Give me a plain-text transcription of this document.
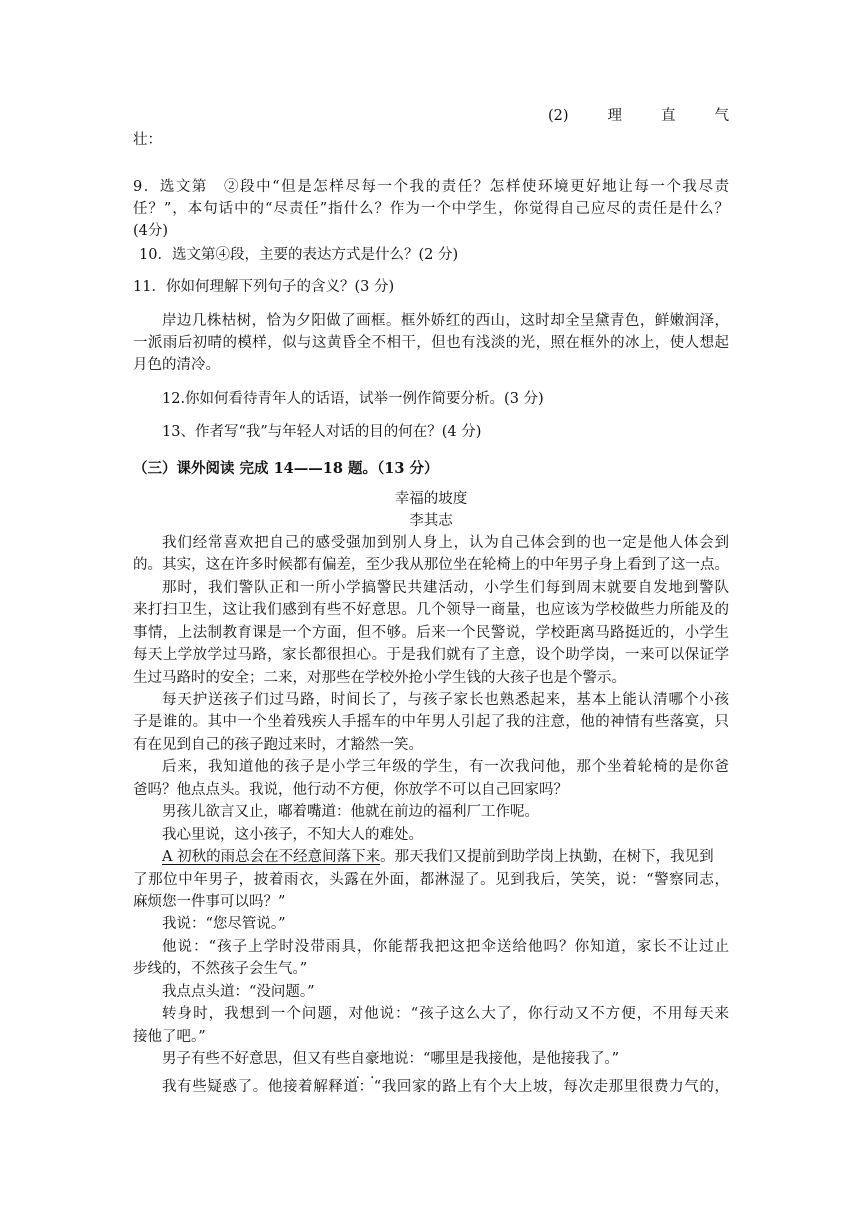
(2)	理	直	气
壮：
9．选文第　②段中“但是怎样尽每一个我的责任？怎样使环境更好地让每一个我尽责
任？”，本句话中的“尽责任”指什么？作为一个中学生，你觉得自己应尽的责任是什么？
(4分)
10．选文第④段，主要的表达方式是什么？(2 分)
11．你如何理解下列句子的含义？(3 分)
岸边几株枯树，恰为夕阳做了画框。框外娇红的西山，这时却全呈黛青色，鲜嫩润泽，
一派雨后初晴的模样，似与这黄昏全不相干，但也有浅淡的光，照在框外的冰上，使人想起
月色的清冷。
12.你如何看待青年人的话语，试举一例作简要分析。(3 分)
13、作者写“我”与年轻人对话的目的何在？(4 分)
（三）课外阅读 完成 14——18 题。（13 分）
幸福的坡度
李其志
我们经常喜欢把自己的感受强加到别人身上，认为自己体会到的也一定是他人体会到
的。其实，这在许多时候都有偏差，至少我从那位坐在轮椅上的中年男子身上看到了这一点。
那时，我们警队正和一所小学搞警民共建活动，小学生们每到周末就要自发地到警队
来打扫卫生，这让我们感到有些不好意思。几个领导一商量，也应该为学校做些力所能及的
事情，上法制教育课是一个方面，但不够。后来一个民警说，学校距离马路挺近的，小学生
每天上学放学过马路，家长都很担心。于是我们就有了主意，设个助学岗，一来可以保证学
生过马路时的安全；二来，对那些在学校外抢小学生钱的大孩子也是个警示。
每天护送孩子们过马路，时间长了，与孩子家长也熟悉起来，基本上能认清哪个小孩
子是谁的。其中一个坐着残疾人手摇车的中年男人引起了我的注意，他的神情有些落寞，只
有在见到自己的孩子跑过来时，才豁然一笑。
后来，我知道他的孩子是小学三年级的学生，有一次我问他，那个坐着轮椅的是你爸
爸吗？他点点头。我说，他行动不方便，你放学不可以自己回家吗？
男孩儿欲言又止，嘟着嘴道：他就在前边的福利厂工作呢。
我心里说，这小孩子，不知大人的难处。
A 初秋的雨总会在不经意间落下来。那天我们又提前到助学岗上执勤，在树下，我见到
了那位中年男子，披着雨衣，头露在外面，都淋湿了。见到我后，笑笑，说：“警察同志，
麻烦您一件事可以吗？”
我说：“您尽管说。”
他说：“孩子上学时没带雨具，你能帮我把这把伞送给他吗？你知道，家长不让过止
步线的，不然孩子会生气。”
我点点头道：“没问题。”
转身时，我想到一个问题，对他说：“孩子这么大了，你行动又不方便，不用每天来
接他了吧。”
男子有些不好意思，但又有些自豪地说：“哪里是我接他，是他接我了。”
我有些疑惑了。他接着解释道：“我回家的路上有个大上坡，每次走那里很费力气的，
